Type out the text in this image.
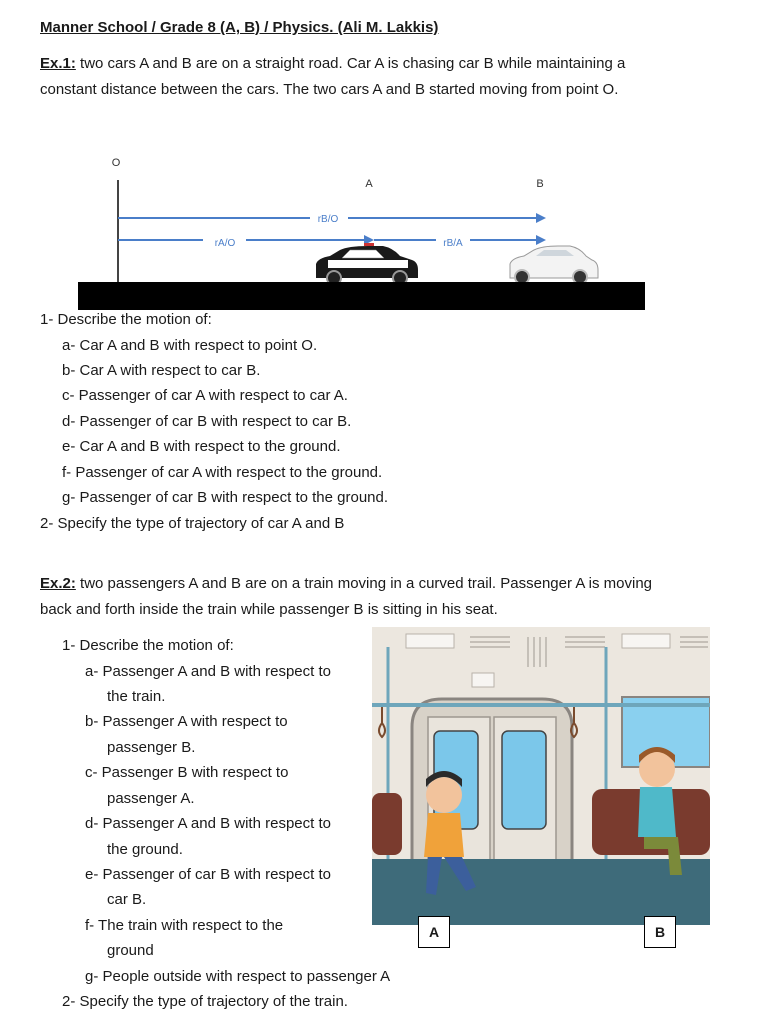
Manner School / Grade 8 (A, B) / Physics. (Ali M. Lakkis)
Ex.1: two cars A and B are on a straight road. Car A is chasing car B while maintaining a
constant distance between the cars. The two cars A and B started moving from point O.
O
A	B
rB/O
rA/O	rB/A
1- Describe the motion of:
a- Car A and B with respect to point O.
b- Car A with respect to car B.
c- Passenger of car A with respect to car A.
d- Passenger of car B with respect to car B.
e- Car A and B with respect to the ground.
f- Passenger of car A with respect to the ground.
g- Passenger of car B with respect to the ground.
2- Specify the type of trajectory of car A and B
Ex.2: two passengers A and B are on a train moving in a curved trail. Passenger A is moving
back and forth inside the train while passenger B is sitting in his seat.
1- Describe the motion of:
a- Passenger A and B with respect to
the train.
b- Passenger A with respect to
passenger B.
c- Passenger B with respect to
passenger A.
d- Passenger A and B with respect to
the ground.
e- Passenger of car B with respect to
car B.
f- The train with respect to the
ground
g- People outside with respect to passenger A
2- Specify the type of trajectory of the train.
A	B
